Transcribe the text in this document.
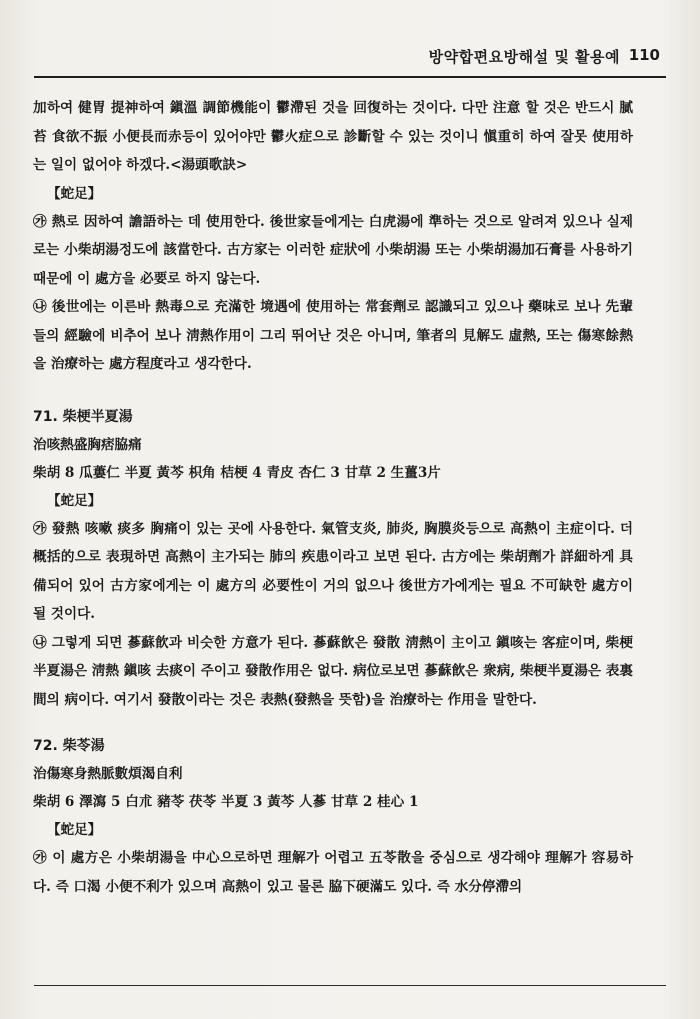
방약합편요방해설 및 활용예 110

加하여 健胃 提神하여 鎭溫 調節機能이 鬱滯된 것을 回復하는 것이다. 다만 注意 할 것은 반드시 膩苔 食欲不振 小便長而赤등이 있어야만 鬱火症으로 診斷할 수 있는 것이니 愼重히 하여 잘못 使用하는 일이 없어야 하겠다.<湯頭歌訣>

【蛇足】

㉮ 熱로 因하여 譫語하는 데 使用한다. 後世家들에게는 白虎湯에 準하는 것으로 알려져 있으나 실제로는 小柴胡湯정도에 該當한다. 古方家는 이러한 症狀에 小柴胡湯 또는 小柴胡湯加石膏를 사용하기 때문에 이 處方을 必要로 하지 않는다.

㉯ 後世에는 이른바 熱毒으로 充滿한 境遇에 使用하는 常套劑로 認識되고 있으나 藥味로 보나 先輩들의 經驗에 비추어 보나 淸熱作用이 그리 뛰어난 것은 아니며, 筆者의 見解도 虛熱, 또는 傷寒餘熱을 治療하는 處方程度라고 생각한다.

71. 柴梗半夏湯

治咳熱盛胸痞脇痛

柴胡 8 瓜蔞仁 半夏 黃芩 枳角 桔梗 4 青皮 杏仁 3 甘草 2 生薑3片

【蛇足】

㉮ 發熱 咳嗽 痰多 胸痛이 있는 곳에 사용한다. 氣管支炎, 肺炎, 胸膜炎등으로 高熱이 主症이다. 더 概括的으로 表現하면 高熱이 主가되는 肺의 疾患이라고 보면 된다. 古方에는 柴胡劑가 詳細하게 具備되어 있어 古方家에게는 이 處方의 必要性이 거의 없으나 後世方가에게는 필요 不可缺한 處方이 될 것이다.

㉯ 그렇게 되면 蔘蘇飮과 비슷한 方意가 된다. 蔘蘇飮은 發散 淸熱이 主이고 鎭咳는 客症이며, 柴梗半夏湯은 淸熱 鎭咳 去痰이 주이고 發散作用은 없다. 病位로보면 蔘蘇飮은 衆病, 柴梗半夏湯은 表裏間의 病이다. 여기서 發散이라는 것은 表熱(發熱을 뜻함)을 治療하는 作用을 말한다.

72. 柴苓湯

治傷寒身熱脈數煩渴自利

柴胡 6 澤瀉 5 白朮 豬苓 茯苓 半夏 3 黃芩 人蔘 甘草 2 桂心 1

【蛇足】

㉮ 이 處方은 小柴胡湯을 中心으로하면 理解가 어렵고 五苓散을 중심으로 생각해야 理解가 容易하다. 즉 口渴 小便不利가 있으며 高熱이 있고 물론 脇下硬滿도 있다. 즉 水分停滯의
